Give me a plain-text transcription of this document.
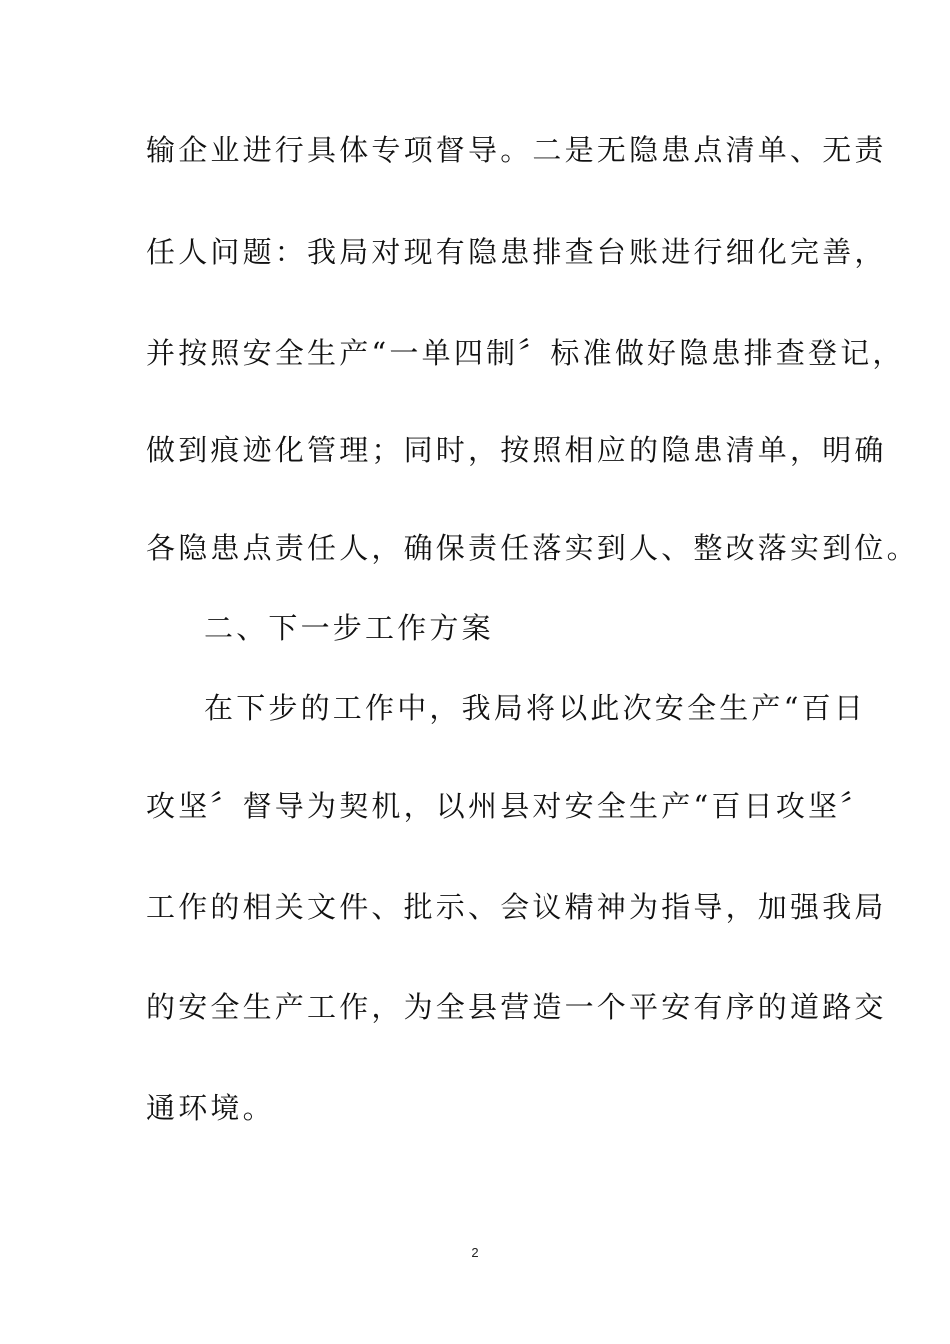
输企业进行具体专项督导。二是无隐患点清单、无责
任人问题：我局对现有隐患排查台账进行细化完善，
并按照安全生产“一单四制〞标准做好隐患排查登记，
做到痕迹化管理；同时，按照相应的隐患清单，明确
各隐患点责任人，确保责任落实到人、整改落实到位。
二、下一步工作方案
在下步的工作中，我局将以此次安全生产“百日
攻坚〞督导为契机，以州县对安全生产“百日攻坚〞
工作的相关文件、批示、会议精神为指导，加强我局
的安全生产工作，为全县营造一个平安有序的道路交
通环境。
2
